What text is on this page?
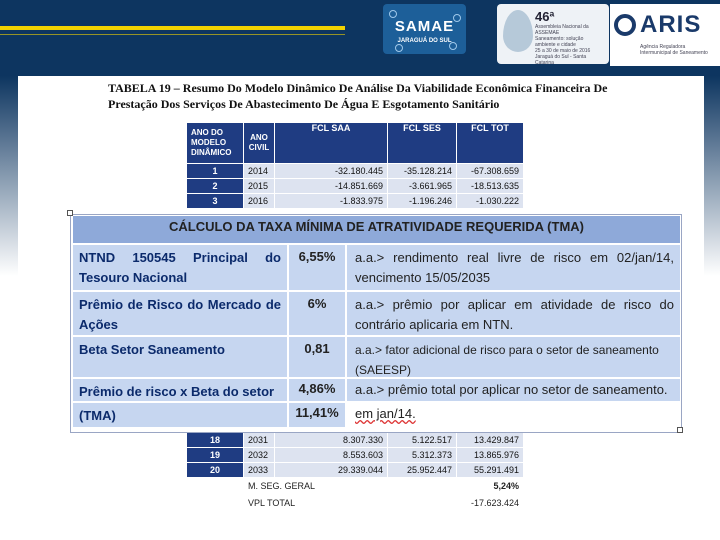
SAMAE
JARAGUÁ DO SUL
46ª
Assembleia Nacional da ASSEMAE
Saneamento: solução ambiente e cidade
25 a 30 de maio de 2016
Jaraguá do Sul - Santa Catarina
ARIS
Agência Reguladora Intermunicipal de Saneamento
TABELA 19 – Resumo Do Modelo Dinâmico De Análise Da Viabilidade Econômica Financeira De Prestação Dos Serviços De Abastecimento De Água E Esgotamento Sanitário
ANO DO MODELO DINÂMICO	ANO CIVIL	FCL SAA	FCL SES	FCL TOT
1	2014	-32.180.445	-35.128.214	-67.308.659
2	2015	-14.851.669	-3.661.965	-18.513.635
3	2016	-1.833.975	-1.196.246	-1.030.222
18	2031	8.307.330	5.122.517	13.429.847
19	2032	8.553.603	5.312.373	13.865.976
20	2033	29.339.044	25.952.447	55.291.491
	M. SEG. GERAL			5,24%
	VPL TOTAL			-17.623.424
CÁLCULO DA TAXA MÍNIMA DE ATRATIVIDADE REQUERIDA (TMA)
NTND 150545 Principal do
Tesouro Nacional
6,55%	a.a.> rendimento real livre de risco em 02/jan/14,
vencimento 15/05/2035
Prêmio de Risco do Mercado de
Ações
6%	a.a.> prêmio por aplicar em atividade de risco do
contrário aplicaria em NTN.
Beta Setor Saneamento	0,81	a.a.> fator adicional de risco para o setor de saneamento
(SAEESP)
Prêmio de risco x Beta do setor	4,86%	a.a.> prêmio total por aplicar no setor de saneamento.
(TMA)	11,41%	em jan/14.
